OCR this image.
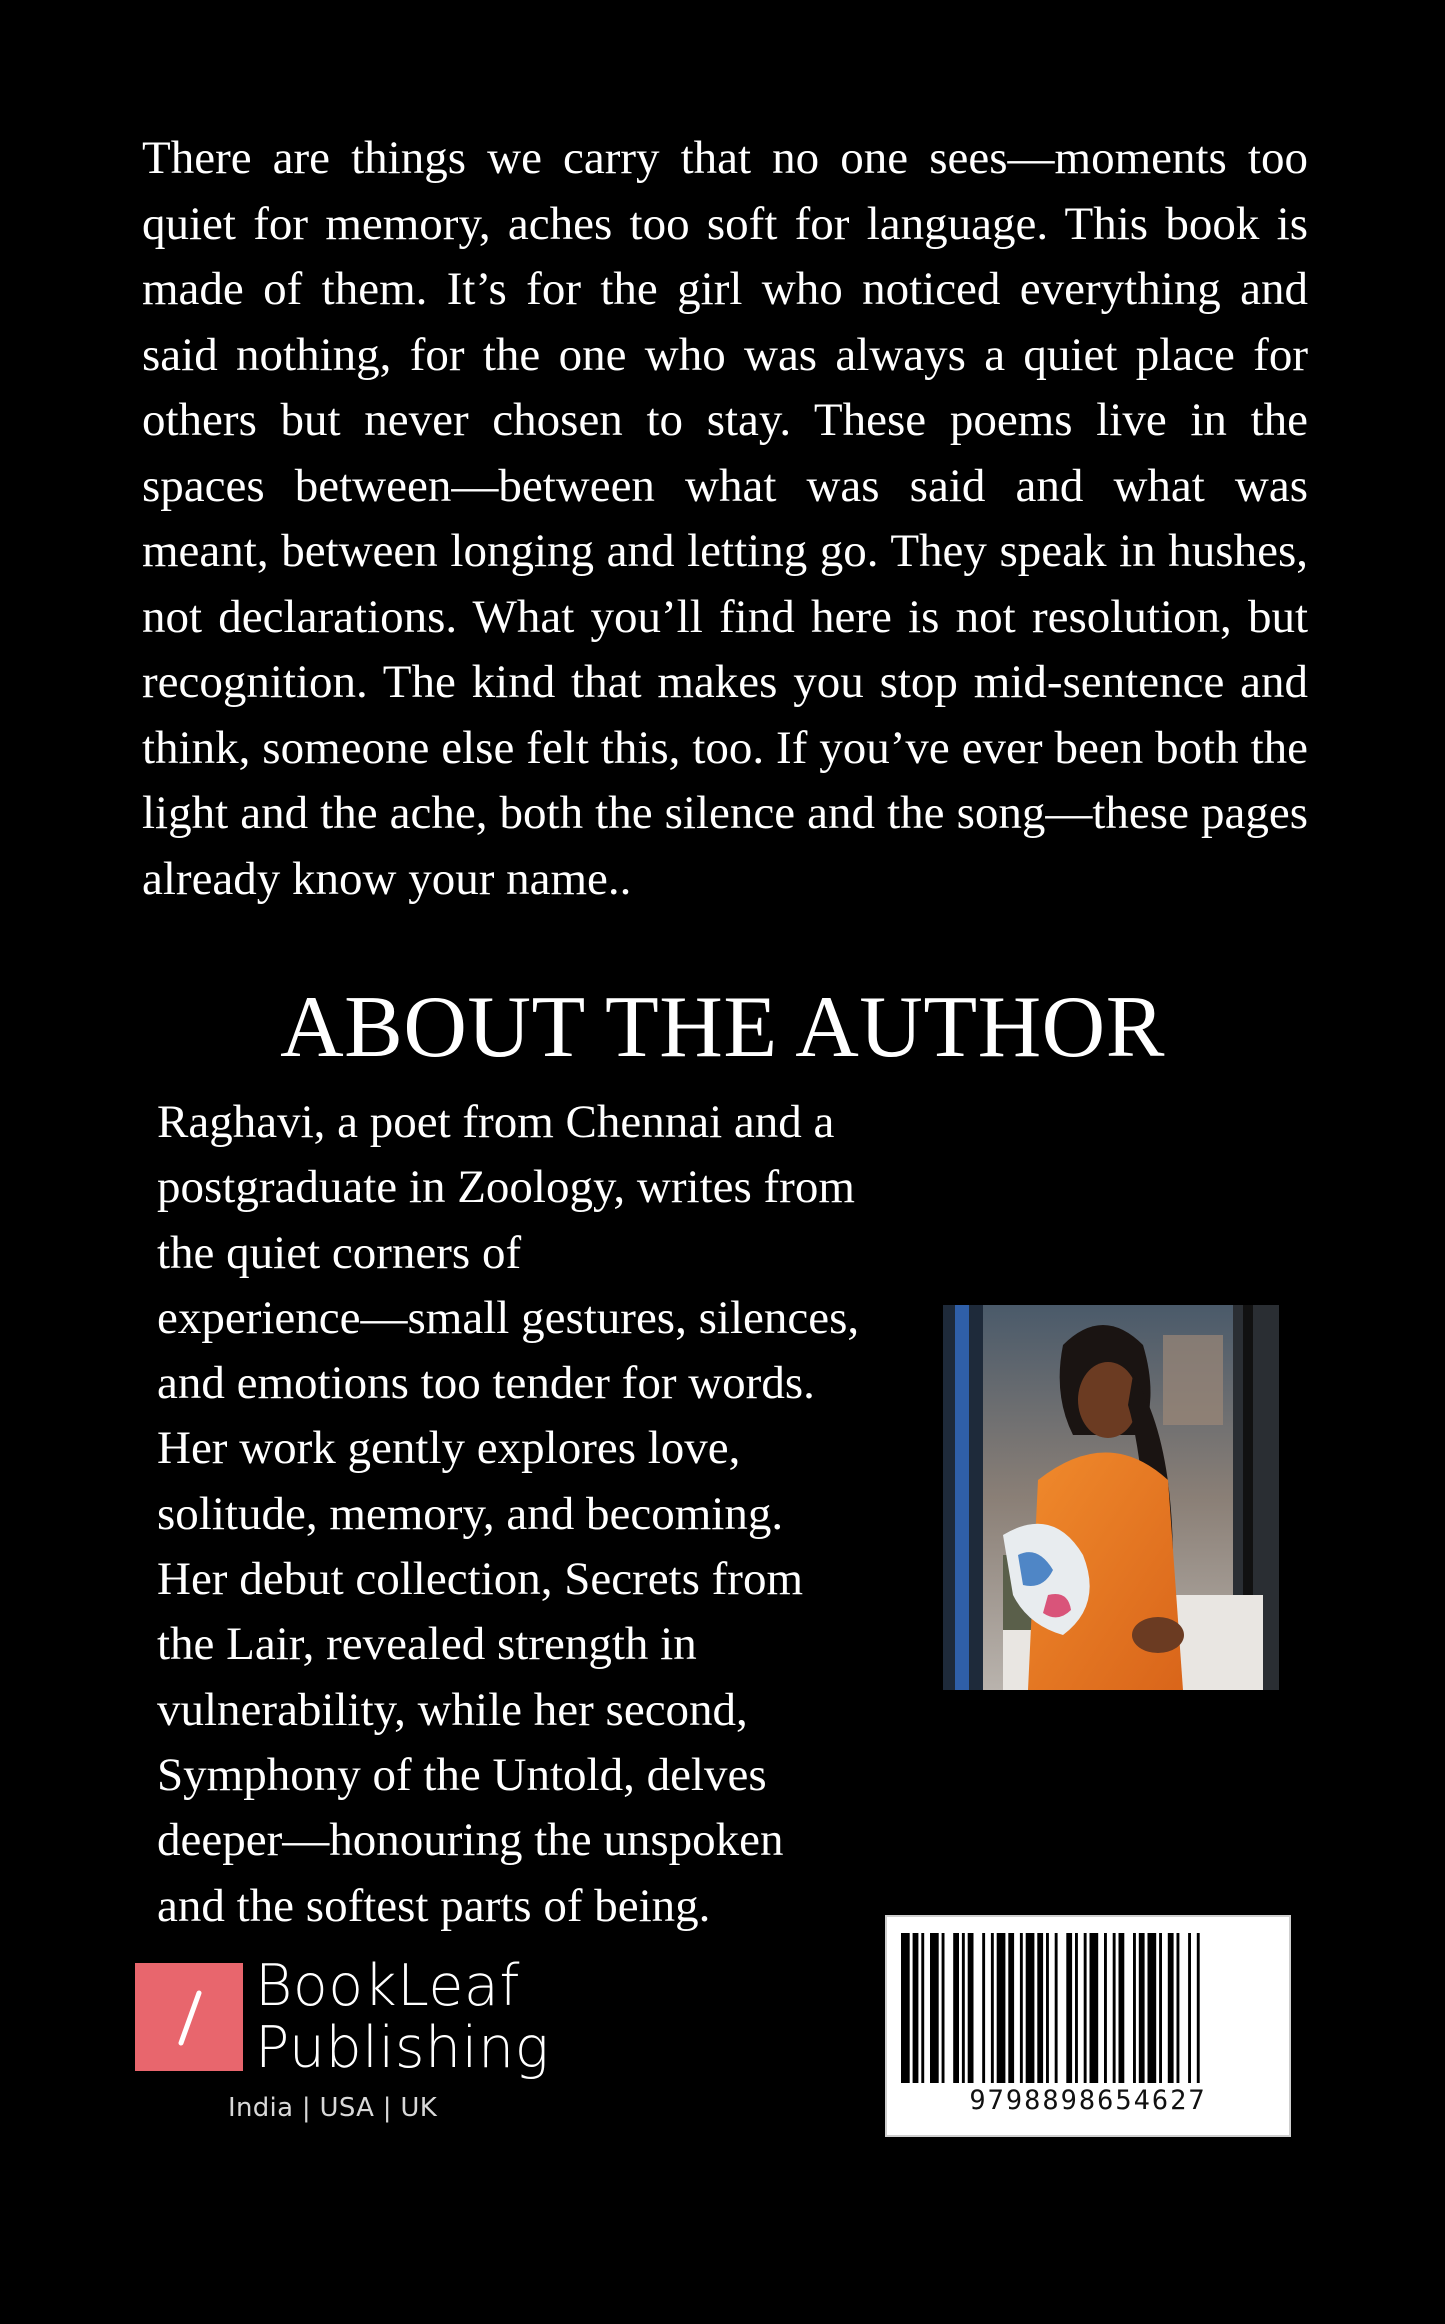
There are things we carry that no one sees—moments too quiet for memory, aches too soft for language. This book is made of them. It’s for the girl who noticed everything and said nothing, for the one who was always a quiet place for others but never chosen to stay. These poems live in the spaces between—between what was said and what was meant, between longing and letting go. They speak in hushes, not declarations. What you’ll find here is not resolution, but recognition. The kind that makes you stop mid-sentence and think, someone else felt this, too. If you’ve ever been both the light and the ache, both the silence and the song—these pages already know your name..

ABOUT THE AUTHOR
Raghavi, a poet from Chennai and a
postgraduate in Zoology, writes from
the quiet corners of
experience—small gestures, silences,
and emotions too tender for words.
Her work gently explores love,
solitude, memory, and becoming.
Her debut collection, Secrets from
the Lair, revealed strength in
vulnerability, while her second,
Symphony of the Untold, delves
deeper—honouring the unspoken
and the softest parts of being.
BookLeaf
Publishing
India | USA | UK	9798898654627
